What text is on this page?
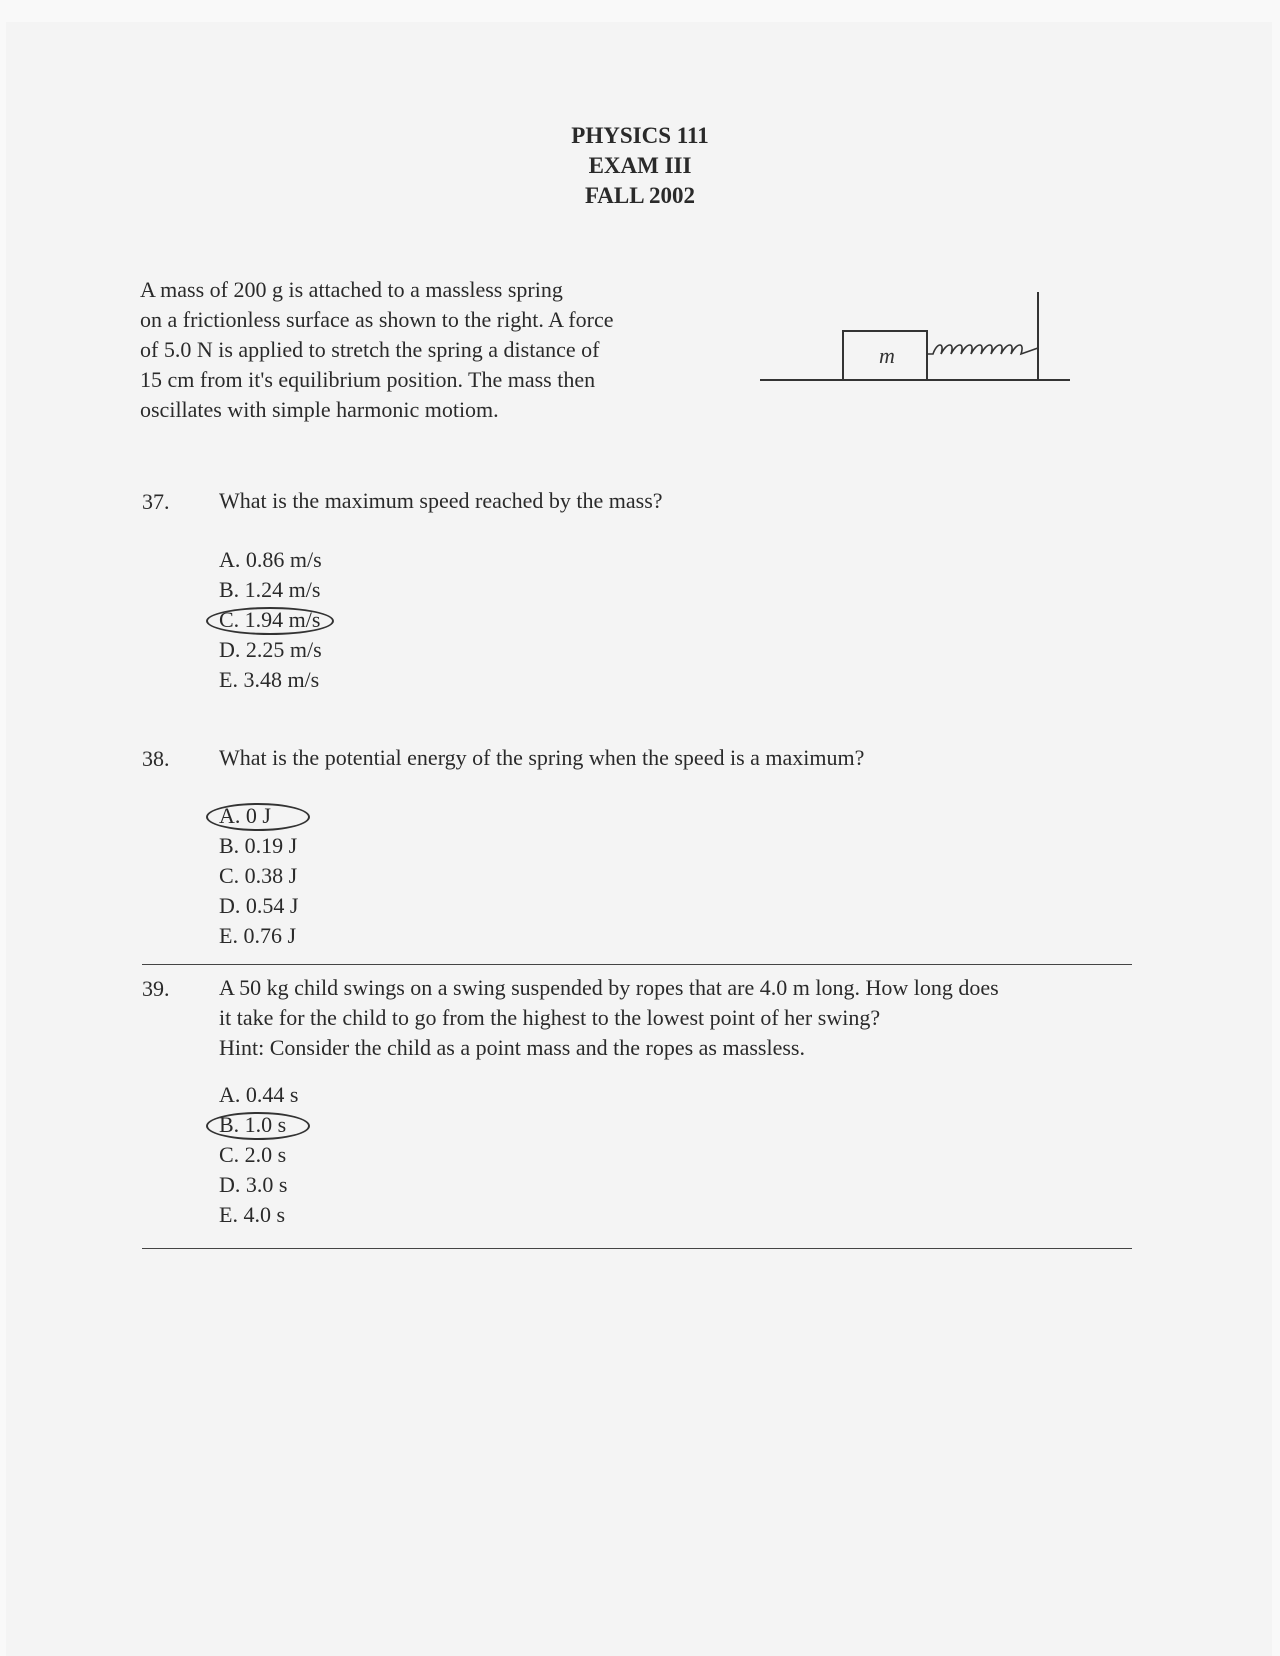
PHYSICS 111
EXAM III
FALL 2002
A mass of 200 g is attached to a massless spring
on a frictionless surface as shown to the right. A force
of 5.0 N is applied to stretch the spring a distance of
15 cm from it's equilibrium position. The mass then
oscillates with simple harmonic motiom.
m
37. What is the maximum speed reached by the mass?
A. 0.86 m/s
B. 1.24 m/s
C. 1.94 m/s
D. 2.25 m/s
E. 3.48 m/s
38. What is the potential energy of the spring when the speed is a maximum?
A. 0 J
B. 0.19 J
C. 0.38 J
D. 0.54 J
E. 0.76 J
39. A 50 kg child swings on a swing suspended by ropes that are 4.0 m long. How long does
it take for the child to go from the highest to the lowest point of her swing?
Hint: Consider the child as a point mass and the ropes as massless.
A. 0.44 s
B. 1.0 s
C. 2.0 s
D. 3.0 s
E. 4.0 s
